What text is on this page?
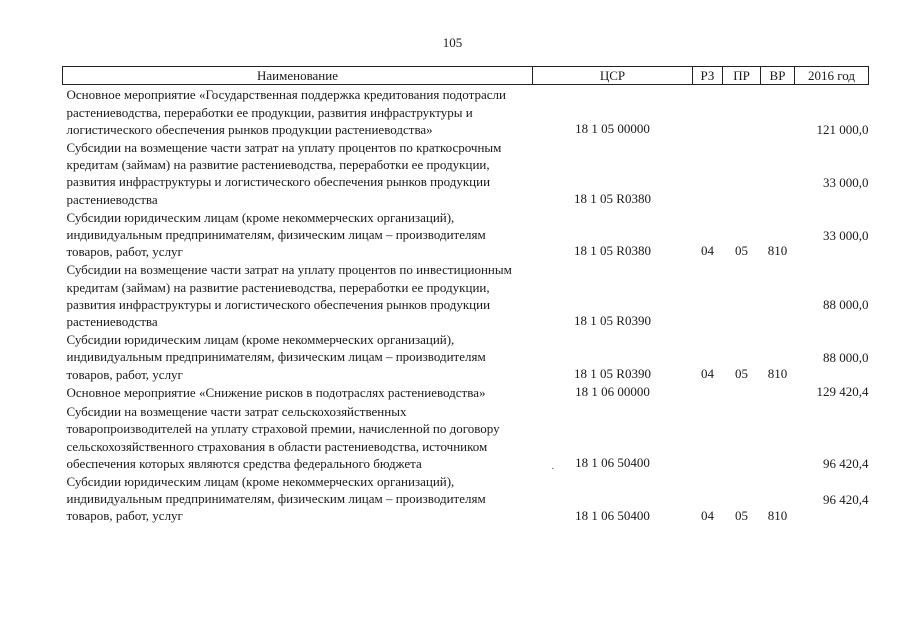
105
Наименование	ЦСР	РЗ	ПР	ВР	2016 год
Основное мероприятие «Государственная поддержка кредитования подотрасли растениеводства, переработки ее продукции, развития инфраструктуры и логистического обеспечения рынков продукции растениеводства»	18 1 05 00000				121 000,0
Субсидии на возмещение части затрат на уплату процентов по краткосрочным кредитам (займам) на развитие растениеводства, переработки ее продукции, развития инфраструктуры и логистического обеспечения рынков продукции растениеводства	18 1 05 R0380				33 000,0
Субсидии юридическим лицам (кроме некоммерческих организаций), индивидуальным предпринимателям, физическим лицам – производителям товаров, работ, услуг	18 1 05 R0380	04	05	810	33 000,0
Субсидии на возмещение части затрат на уплату процентов по инвестиционным кредитам (займам) на развитие растениеводства, переработки ее продукции, развития инфраструктуры и логистического обеспечения рынков продукции растениеводства	18 1 05 R0390				88 000,0
Субсидии юридическим лицам (кроме некоммерческих организаций), индивидуальным предпринимателям, физическим лицам – производителям товаров, работ, услуг	18 1 05 R0390	04	05	810	88 000,0
Основное мероприятие «Снижение рисков в подотраслях растениеводства»	18 1 06 00000				129 420,4
Субсидии на возмещение части затрат сельскохозяйственных товаропроизводителей на уплату страховой премии, начисленной по договору сельскохозяйственного страхования в области растениеводства, источником обеспечения которых являются средства федерального бюджета	18 1 06 50400				96 420,4
Субсидии юридическим лицам (кроме некоммерческих организаций), индивидуальным предпринимателям, физическим лицам – производителям товаров, работ, услуг	18 1 06 50400	04	05	810	96 420,4
·
